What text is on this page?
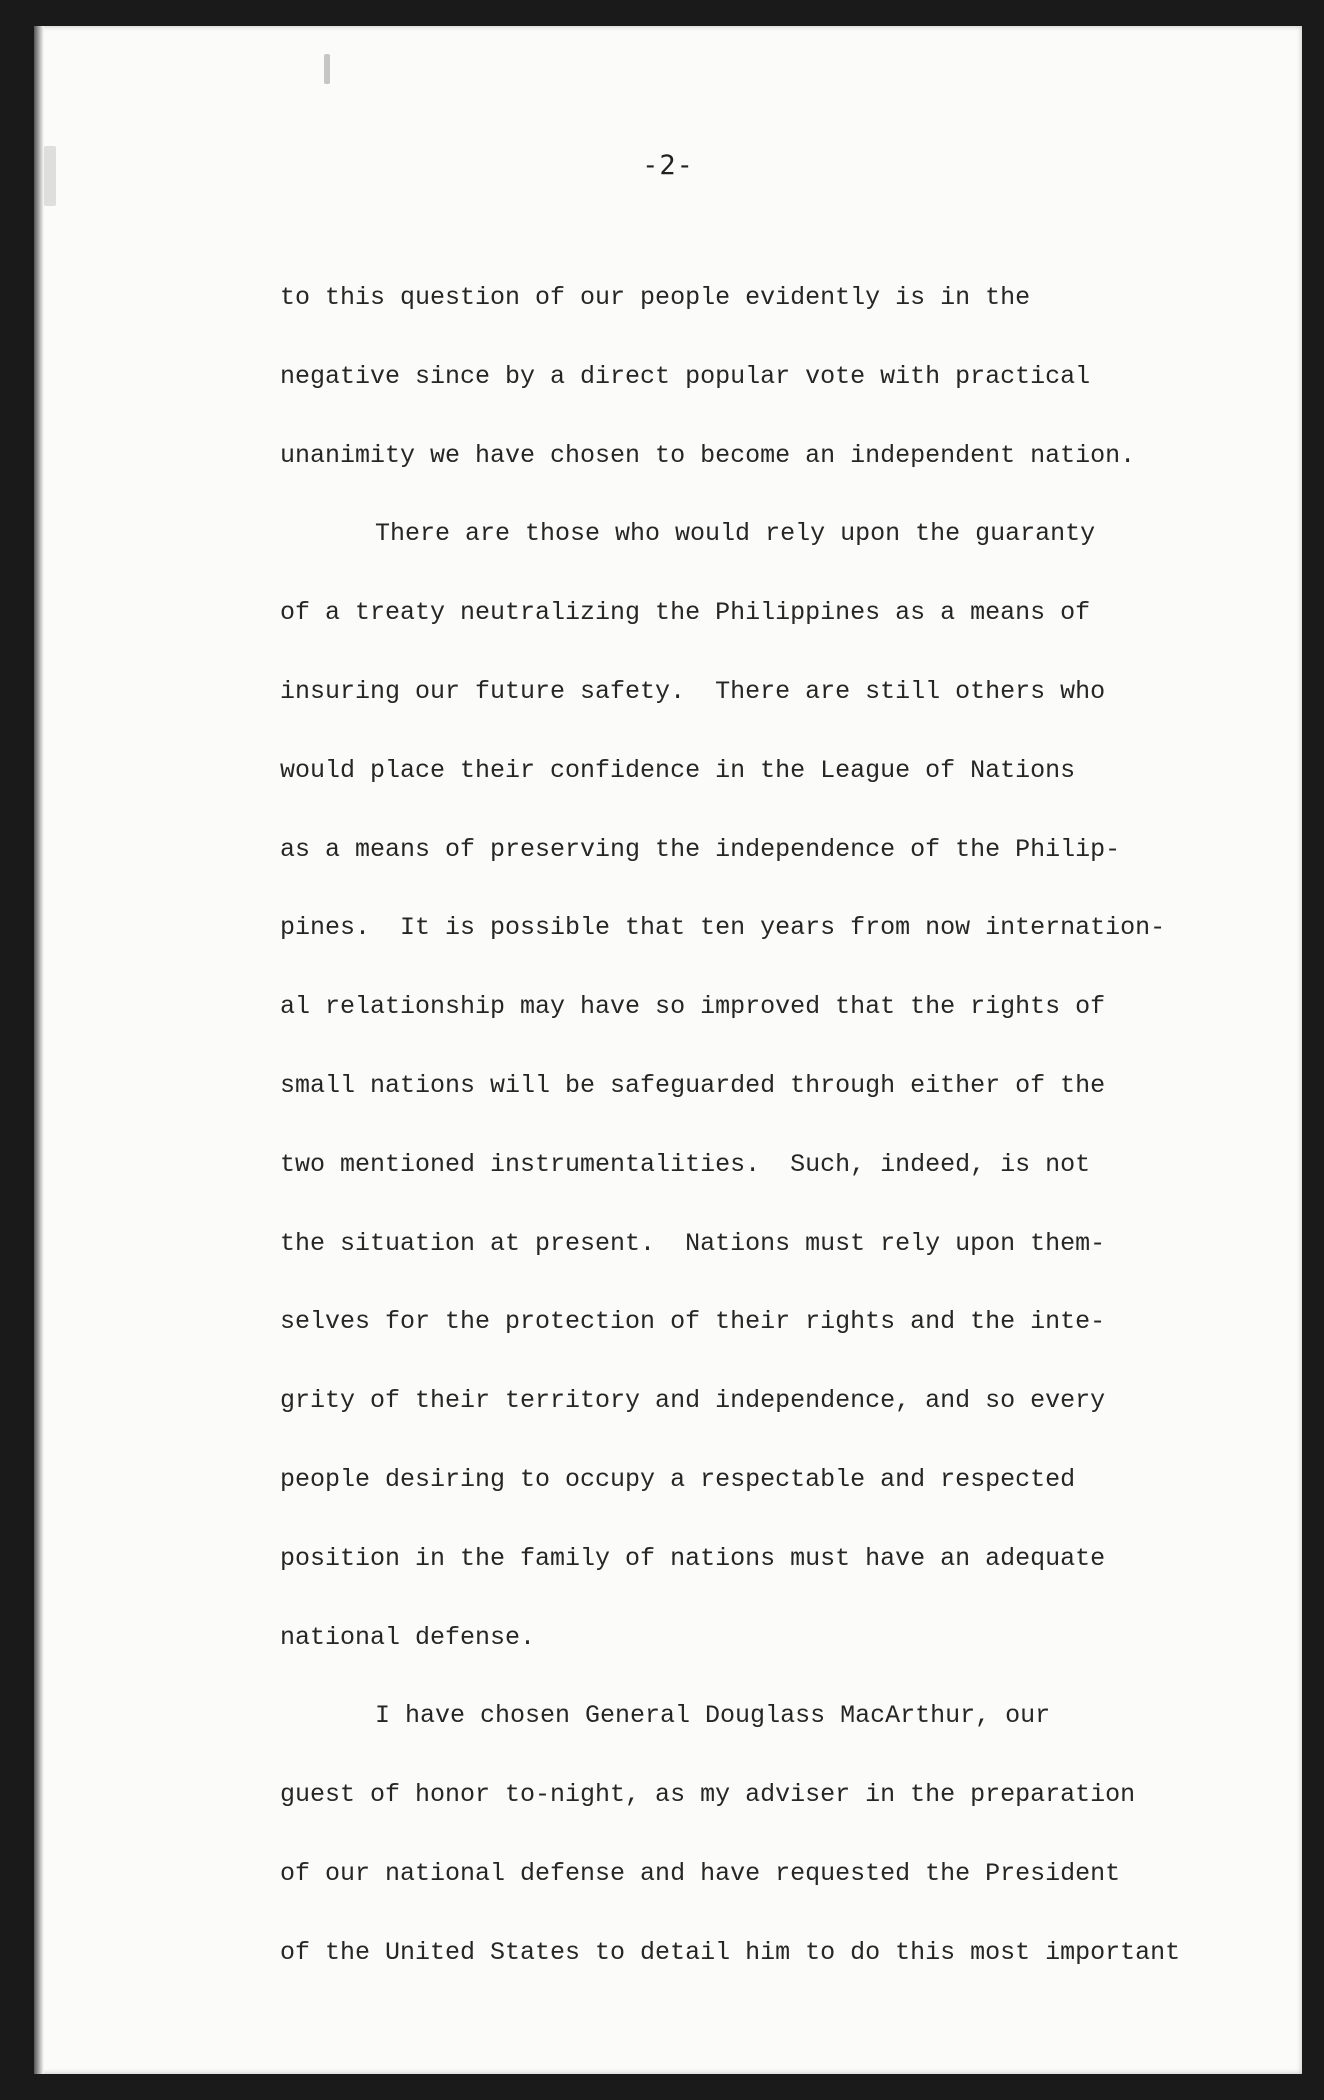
-2-
to this question of our people evidently is in the
negative since by a direct popular vote with practical
unanimity we have chosen to become an independent nation.
There are those who would rely upon the guaranty
of a treaty neutralizing the Philippines as a means of
insuring our future safety.  There are still others who
would place their confidence in the League of Nations
as a means of preserving the independence of the Philip-
pines.  It is possible that ten years from now internation-
al relationship may have so improved that the rights of
small nations will be safeguarded through either of the
two mentioned instrumentalities.  Such, indeed, is not
the situation at present.  Nations must rely upon them-
selves for the protection of their rights and the inte-
grity of their territory and independence, and so every
people desiring to occupy a respectable and respected
position in the family of nations must have an adequate
national defense.
I have chosen General Douglass MacArthur, our
guest of honor to-night, as my adviser in the preparation
of our national defense and have requested the President
of the United States to detail him to do this most important
